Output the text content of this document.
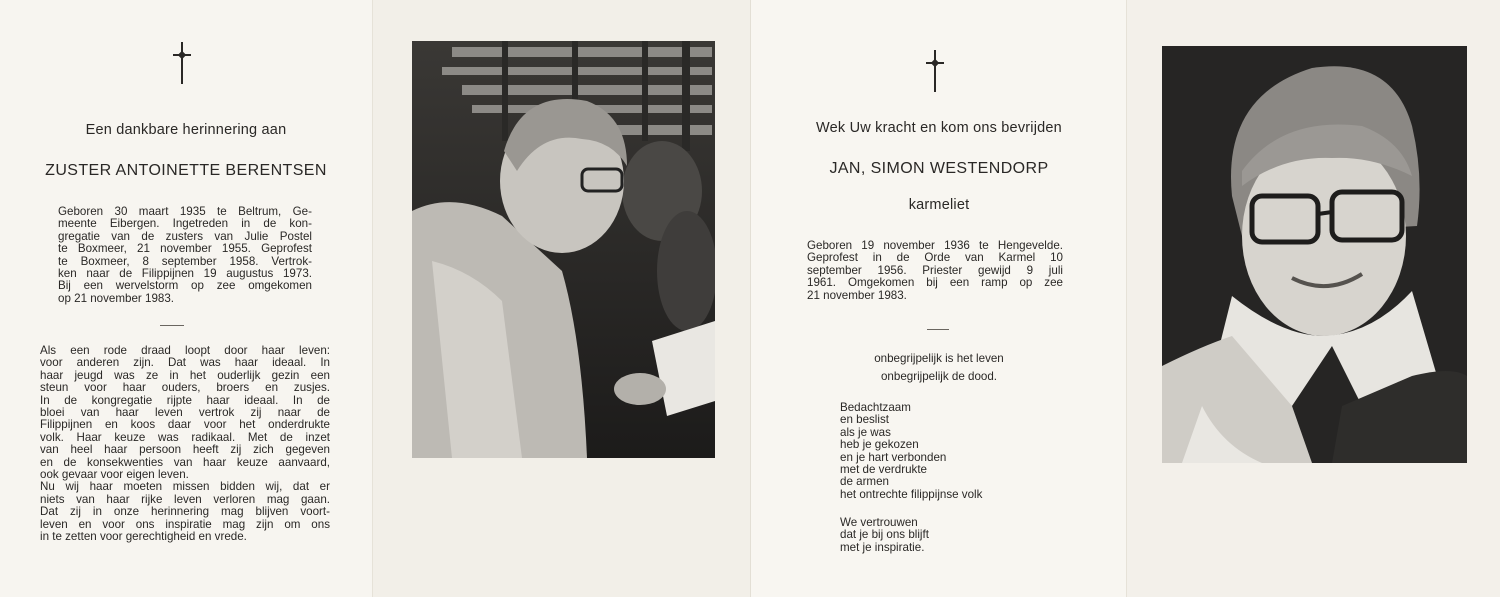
Een dankbare herinnering aan

ZUSTER ANTOINETTE BERENTSEN

Geboren 30 maart 1935 te Beltrum, Ge-
meente Eibergen. Ingetreden in de kon-
gregatie van de zusters van Julie Postel
te Boxmeer, 21 november 1955. Geprofest
te Boxmeer, 8 september 1958. Vertrok-
ken naar de Filippijnen 19 augustus 1973.
Bij een wervelstorm op zee omgekomen
op 21 november 1983.
Als een rode draad loopt door haar leven:
voor anderen zijn. Dat was haar ideaal. In
haar jeugd was ze in het ouderlijk gezin een
steun voor haar ouders, broers en zusjes.
In de kongregatie rijpte haar ideaal. In de
bloei van haar leven vertrok zij naar de
Filippijnen en koos daar voor het onderdrukte
volk. Haar keuze was radikaal. Met de inzet
van heel haar persoon heeft zij zich gegeven
en de konsekwenties van haar keuze aanvaard,
ook gevaar voor eigen leven.
Nu wij haar moeten missen bidden wij, dat er
niets van haar rijke leven verloren mag gaan.
Dat zij in onze herinnering mag blijven voort-
leven en voor ons inspiratie mag zijn om ons
in te zetten voor gerechtigheid en vrede.

Wek Uw kracht en kom ons bevrijden

JAN, SIMON WESTENDORP

karmeliet

Geboren 19 november 1936 te Hengevelde.
Geprofest in de Orde van Karmel 10
september 1956. Priester gewijd 9 juli
1961. Omgekomen bij een ramp op zee
21 november 1983.
onbegrijpelijk is het leven
onbegrijpelijk de dood.
Bedachtzaam
en beslist
als je was
heb je gekozen
en je hart verbonden
met de verdrukte
de armen
het ontrechte filippijnse volk
We vertrouwen
dat je bij ons blijft
met je inspiratie.
